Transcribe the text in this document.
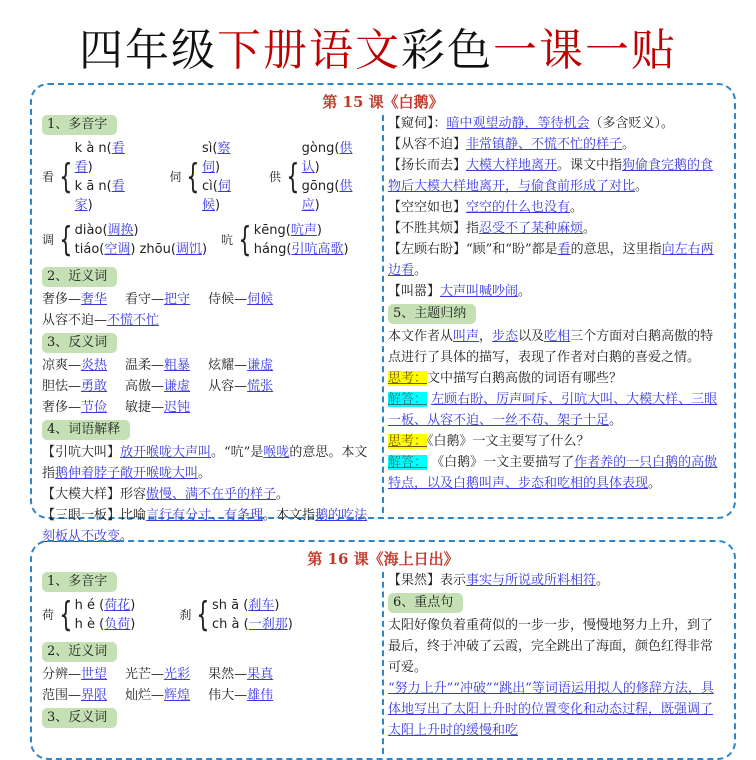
四年级下册语文彩色一课一贴
第 15 课《白鹅》
1、多音字
看 {
k à n(看看)
k ā n(看家)
伺 {
sì(察伺)
cì(伺候)
供 {
gòng(供认)
gōng(供应)
调 { diào(调换)
tiáo(空调) zhōu(调饥)
吭 { kēng(吭声)
háng(引吭高歌)
2、近义词

奢侈—奢华 看守—把守 侍候—伺候

从容不迫—不慌不忙

3、反义词

凉爽—炎热 温柔—粗暴 炫耀—谦虚

胆怯—勇敢 高傲—谦虚 从容—慌张

奢侈—节俭 敏捷—迟钝

4、词语解释

【引吭大叫】放开喉咙大声叫。“吭”是喉咙的意思。本文指鹅伸着脖子敞开喉咙大叫。

【大模大样】形容傲慢、满不在乎的样子。

【三眼一板】比喻言行有分寸、有条理。本文指鹅的吃法刻板从不改变。

【窥伺】：暗中观望动静，等待机会（多含贬义）。

【从容不迫】非常镇静、不慌不忙的样子。

【扬长而去】大模大样地离开。课文中指狗偷食完鹅的食物后大模大样地离开，与偷食前形成了对比。

【空空如也】空空的什么也没有。

【不胜其烦】指忍受不了某种麻烦。

【左顾右盼】“顾”和“盼”都是看的意思，这里指向左右两边看。

【叫嚣】大声叫喊吵闹。

5、主题归纳

本文作者从叫声，步态以及吃相三个方面对白鹅高傲的特点进行了具体的描写，表现了作者对白鹅的喜爱之情。

思考：文中描写白鹅高傲的词语有哪些？

解答： 左顾右盼、厉声呵斥、引吭大叫、大模大样、三眼一板、从容不迫、一丝不苟、架子十足。

思考：《白鹅》一文主要写了什么？

解答： 《白鹅》一文主要描写了作者养的一只白鹅的高傲特点，以及白鹅叫声、步态和吃相的具体表现。

第 16 课《海上日出》
1、多音字
荷 { h é (荷花)
h è (负荷)
刹 { sh ā (刹车)
ch à (一刹那)
2、近义词

分辨—世望 光芒—光彩 果然—果真

范围—界限 灿烂—辉煌 伟大—雄伟

3、反义词

【果然】表示事实与所说或所料相符。

6、重点句

太阳好像负着重荷似的一步一步，慢慢地努力上升，到了最后，终于冲破了云霞，完全跳出了海面，颜色红得非常可爱。

“努力上升”“冲破”“跳出”等词语运用拟人的修辞方法，具体地写出了太阳上升时的位置变化和动态过程，既强调了太阳上升时的缓慢和吃
